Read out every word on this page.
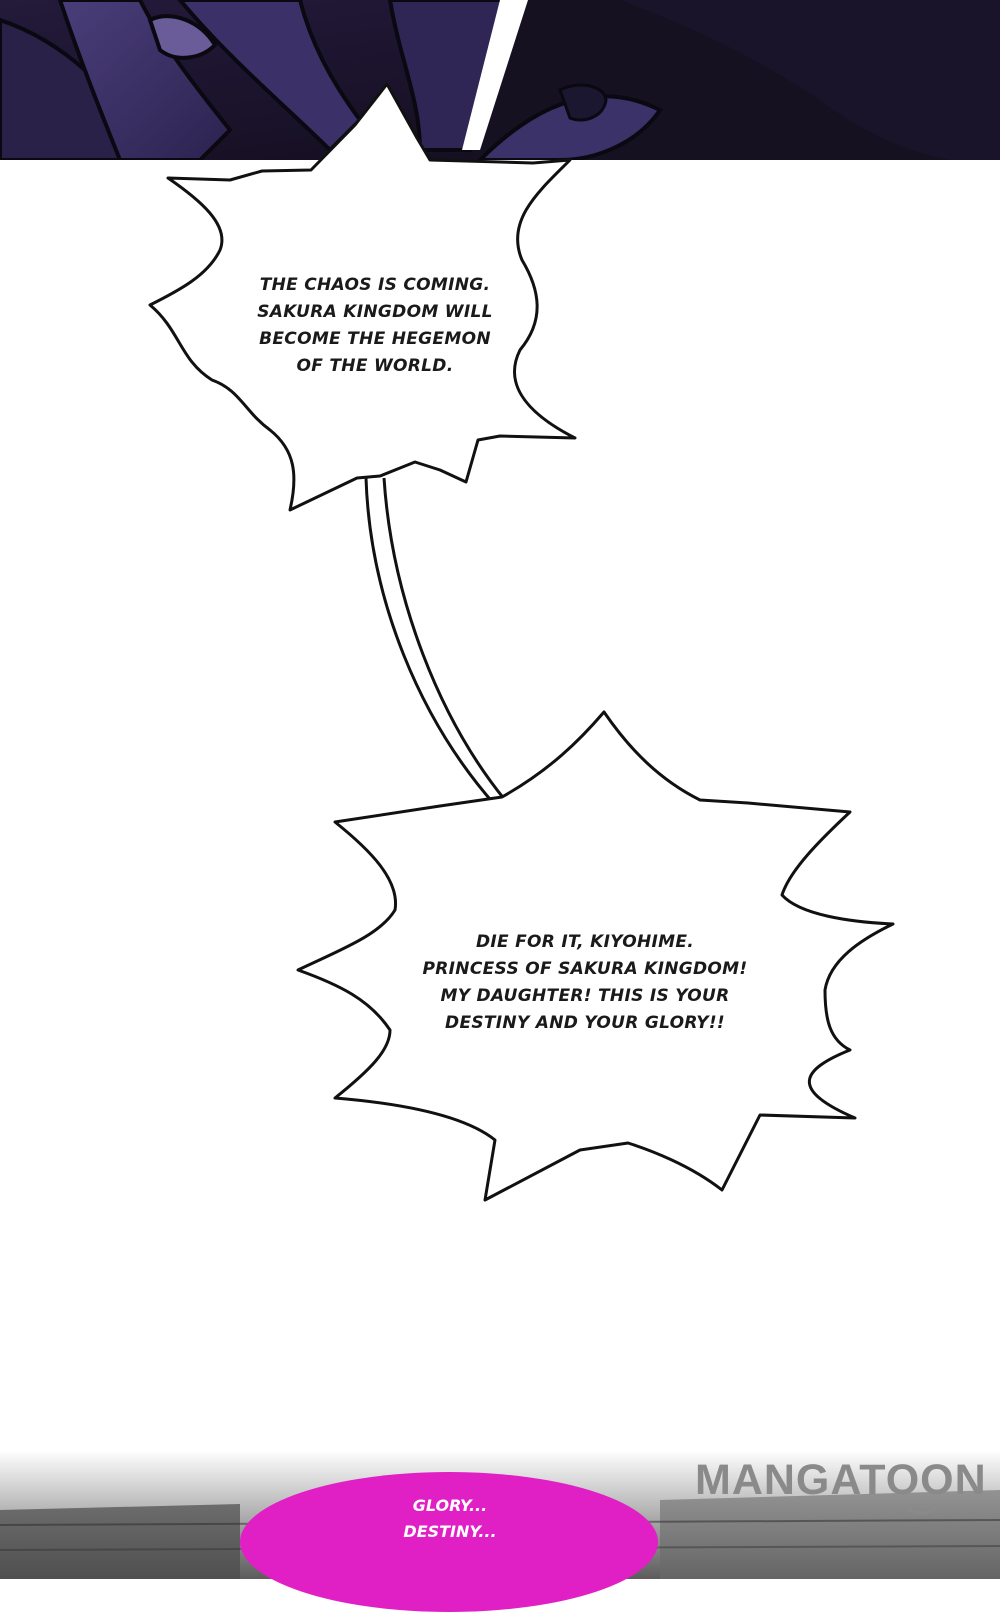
THE CHAOS IS COMING.
SAKURA KINGDOM WILL
BECOME THE HEGEMON
OF THE WORLD.
DIE FOR IT, KIYOHIME.
PRINCESS OF SAKURA KINGDOM!
MY DAUGHTER! THIS IS YOUR
DESTINY AND YOUR GLORY!!
GLORY...
DESTINY...
MANGATOON
